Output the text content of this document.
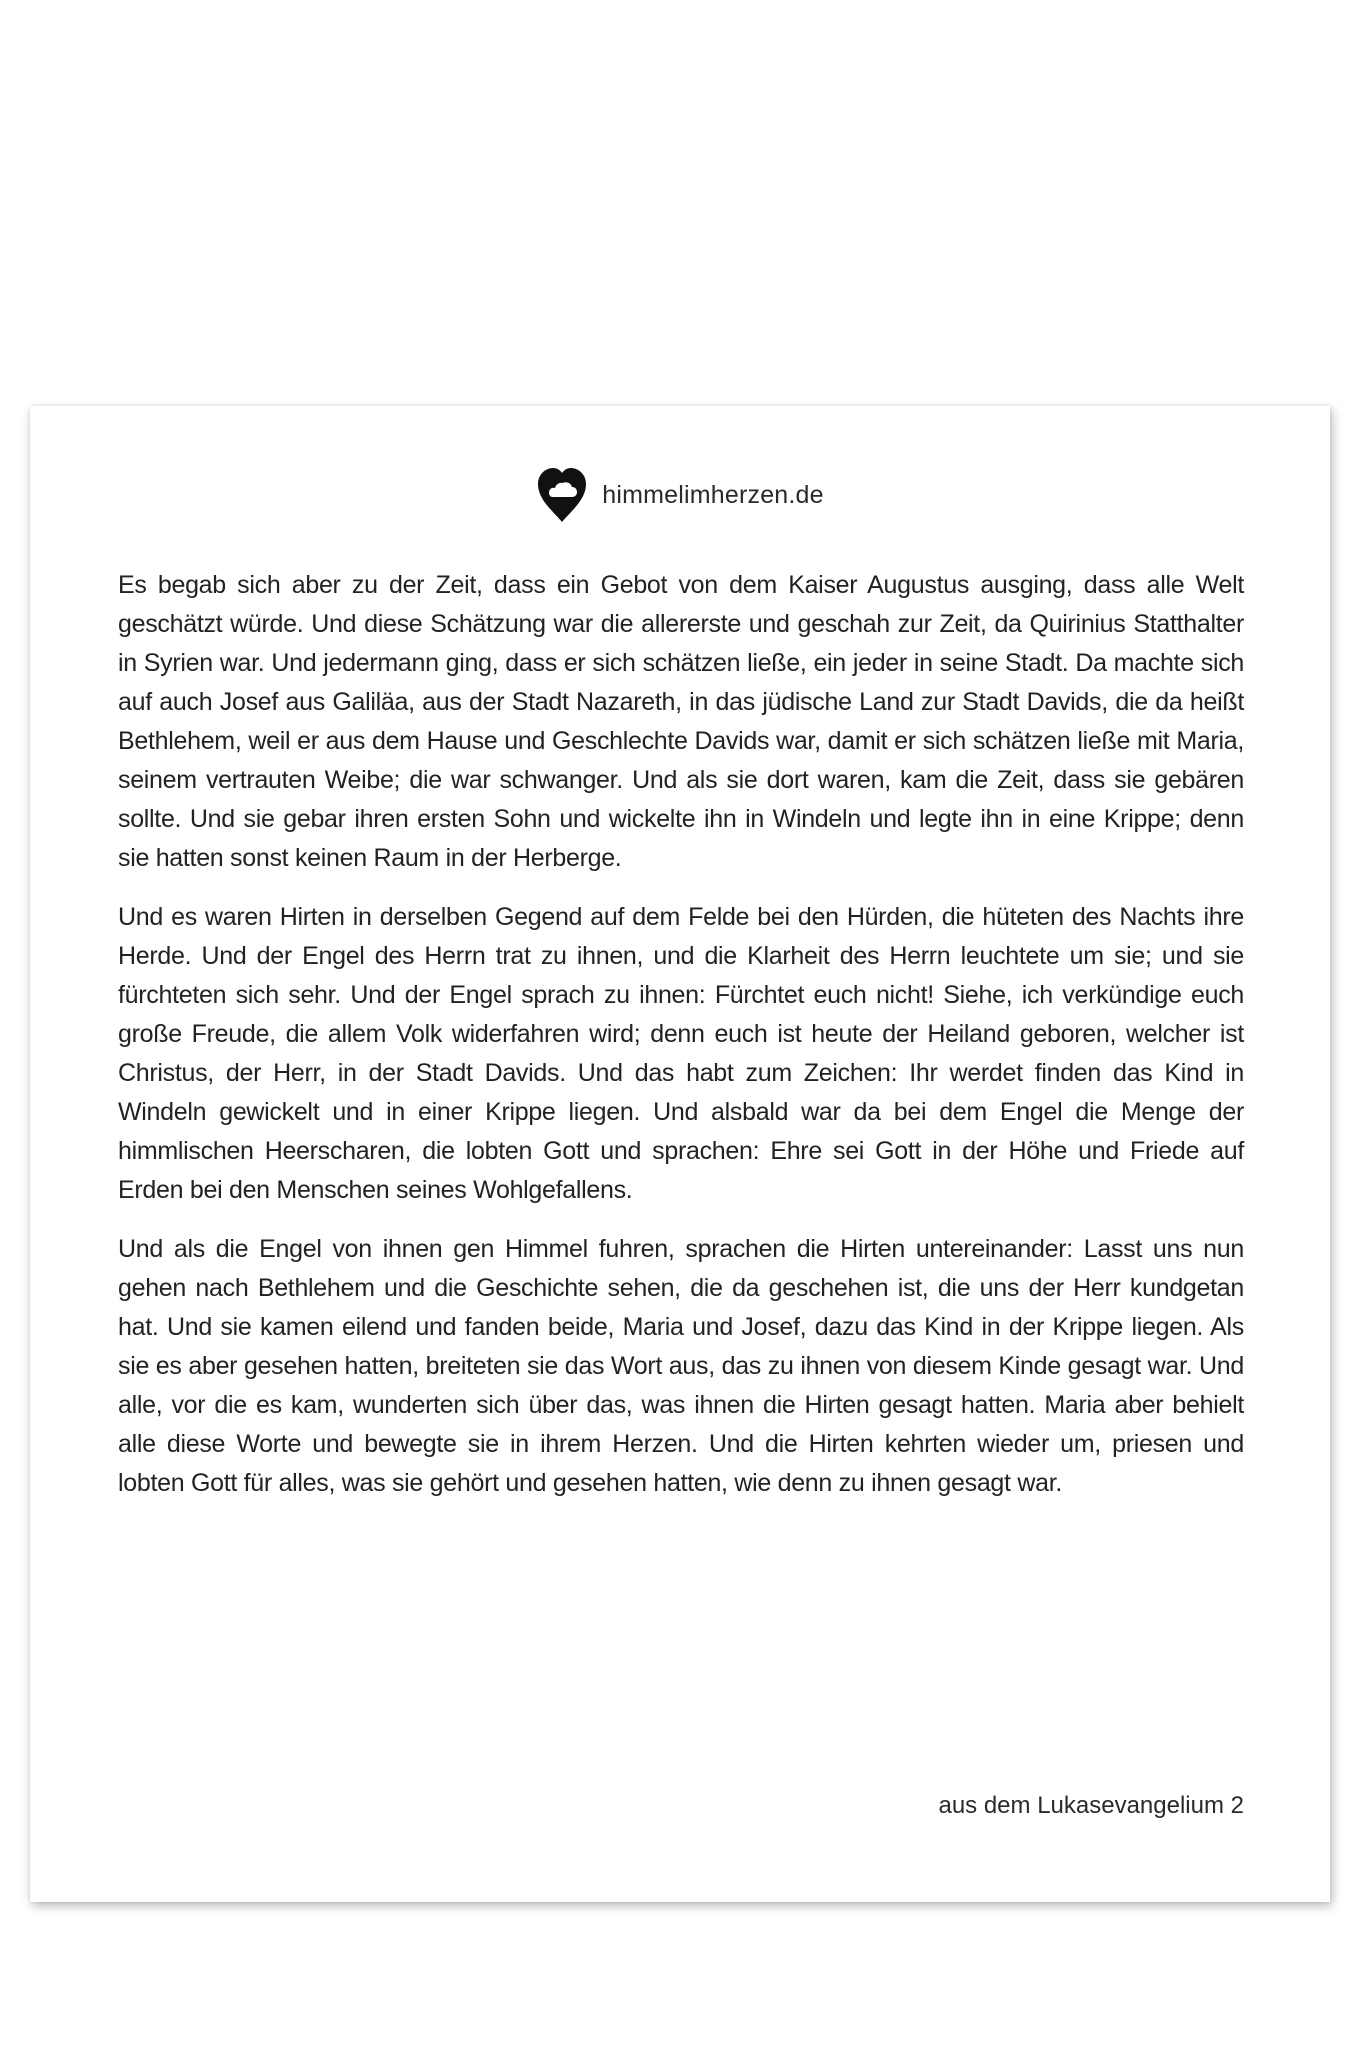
himmelimherzen.de

Es begab sich aber zu der Zeit, dass ein Gebot von dem Kaiser Augustus ausging, dass alle Welt geschätzt würde. Und diese Schätzung war die allererste und geschah zur Zeit, da Quirinius Statthalter in Syrien war. Und jedermann ging, dass er sich schätzen ließe, ein jeder in seine Stadt. Da machte sich auf auch Josef aus Galiläa, aus der Stadt Nazareth, in das jüdische Land zur Stadt Davids, die da heißt Bethlehem, weil er aus dem Hause und Geschlechte Davids war, damit er sich schätzen ließe mit Maria, seinem vertrauten Weibe; die war schwanger. Und als sie dort waren, kam die Zeit, dass sie gebären sollte. Und sie gebar ihren ersten Sohn und wickelte ihn in Windeln und legte ihn in eine Krippe; denn sie hatten sonst keinen Raum in der Herberge.

Und es waren Hirten in derselben Gegend auf dem Felde bei den Hürden, die hüteten des Nachts ihre Herde. Und der Engel des Herrn trat zu ihnen, und die Klarheit des Herrn leuchtete um sie; und sie fürchteten sich sehr. Und der Engel sprach zu ihnen: Fürchtet euch nicht! Siehe, ich verkündige euch große Freude, die allem Volk widerfahren wird; denn euch ist heute der Heiland geboren, welcher ist Christus, der Herr, in der Stadt Davids. Und das habt zum Zeichen: Ihr werdet finden das Kind in Windeln gewickelt und in einer Krippe liegen. Und alsbald war da bei dem Engel die Menge der himmlischen Heerscharen, die lobten Gott und sprachen: Ehre sei Gott in der Höhe und Friede auf Erden bei den Menschen seines Wohlgefallens.

Und als die Engel von ihnen gen Himmel fuhren, sprachen die Hirten untereinander: Lasst uns nun gehen nach Bethlehem und die Geschichte sehen, die da geschehen ist, die uns der Herr kundgetan hat. Und sie kamen eilend und fanden beide, Maria und Josef, dazu das Kind in der Krippe liegen. Als sie es aber gesehen hatten, breiteten sie das Wort aus, das zu ihnen von diesem Kinde gesagt war. Und alle, vor die es kam, wunderten sich über das, was ihnen die Hirten gesagt hatten. Maria aber behielt alle diese Worte und bewegte sie in ihrem Herzen. Und die Hirten kehrten wieder um, priesen und lobten Gott für alles, was sie gehört und gesehen hatten, wie denn zu ihnen gesagt war.

aus dem Lukasevangelium 2
